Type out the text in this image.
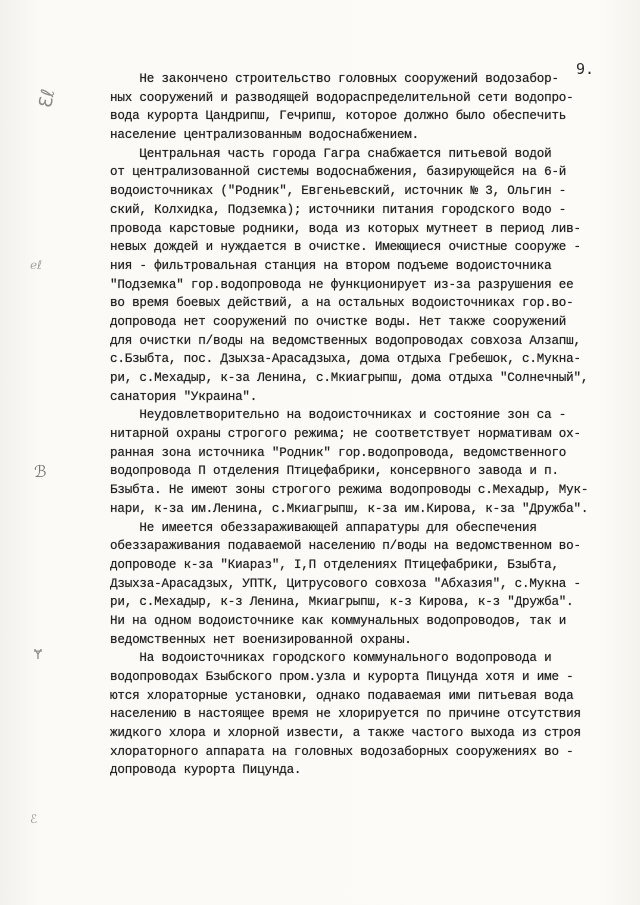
9.
ℇℓ
ℯℓ
ℬ
Ɏ
ℰ
Не закончено строительство головных сооружений водозабор-
ных сооружений и разводящей водораспределительной сети водопро-
вода курорта Цандрипш, Гечрипш, которое должно было обеспечить
население централизованным водоснабжением.
Центральная часть города Гагра снабжается питьевой водой
от централизованной системы водоснабжения, базирующейся на 6-й
водоисточниках ("Родник", Евгеньевский, источник № 3, Ольгин -
ский, Колхидка, Подземка); источники питания городского водо -
провода карстовые родники, вода из которых мутнеет в период лив-
невых дождей и нуждается в очистке. Имеющиеся очистные сооруже -
ния - фильтровальная станция на втором подъеме водоисточника
"Подземка" гор.водопровода не функционирует из-за разрушения ее
во время боевых действий, а на остальных водоисточниках гор.во-
допровода нет сооружений по очистке воды. Нет также сооружений
для очистки п/воды на ведомственных водопроводах совхоза Алзапш,
с.Бзыбта, пос. Дзыхза-Арасадзыха, дома отдыха Гребешок, с.Мукна-
ри, с.Мехадыр, к-за Ленина, с.Мкиагрыпш, дома отдыха "Солнечный",
санатория "Украина".
Неудовлетворительно на водоисточниках и состояние зон са -
нитарной охраны строгого режима; не соответствует нормативам ох-
ранная зона источника "Родник" гор.водопровода, ведомственного
водопровода П отделения Птицефабрики, консервного завода и п.
Бзыбта. Не имеют зоны строгого режима водопроводы с.Мехадыр, Мук-
нари, к-за им.Ленина, с.Мкиагрыпш, к-за им.Кирова, к-за "Дружба".
Не имеется обеззараживающей аппаратуры для обеспечения
обеззараживания подаваемой населению п/воды на ведомственном во-
допроводе к-за "Киараз", I,П отделениях Птицефабрики, Бзыбта,
Дзыхза-Арасадзых, УПТК, Цитрусового совхоза "Абхазия", с.Мукна -
ри, с.Мехадыр, к-з Ленина, Мкиагрыпш, к-з Кирова, к-з "Дружба".
Ни на одном водоисточнике как коммунальных водопроводов, так и
ведомственных нет военизированной охраны.
На водоисточниках городского коммунального водопровода и
водопроводах Бзыбского пром.узла и курорта Пицунда хотя и име -
ются хлораторные установки, однако подаваемая ими питьевая вода
населению в настоящее время не хлорируется по причине отсутствия
жидкого хлора и хлорной извести, а также частого выхода из строя
хлораторного аппарата на головных водозаборных сооружениях во -
допровода курорта Пицунда.
